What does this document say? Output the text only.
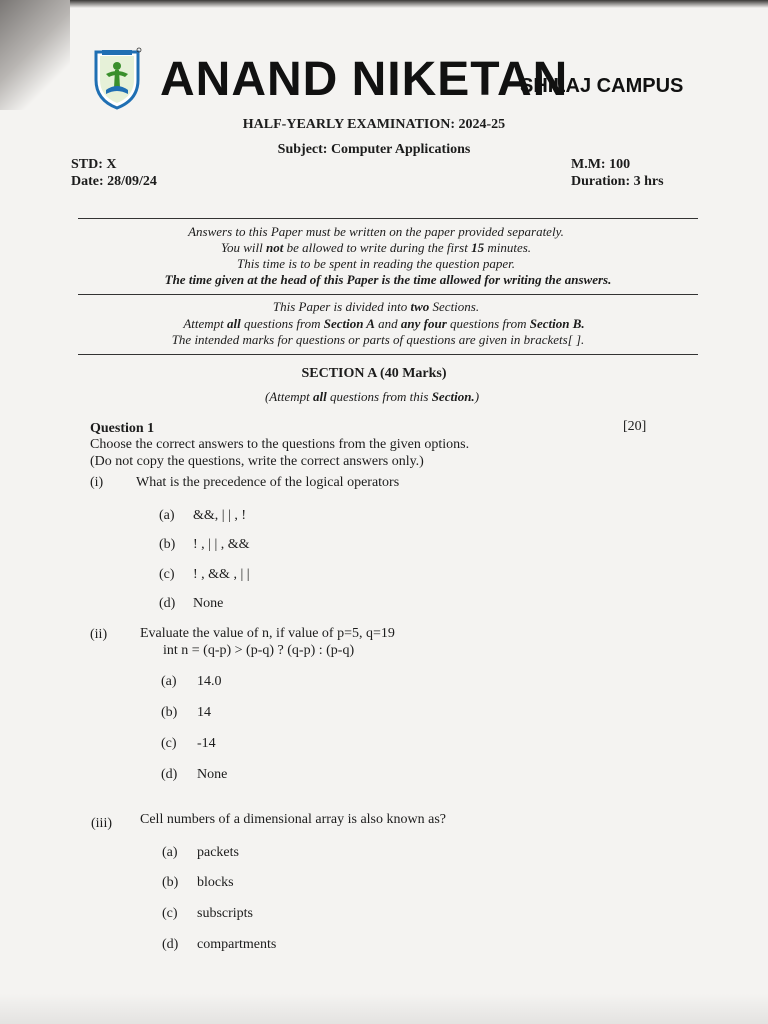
ANAND NIKETAN
SHILAJ CAMPUS
HALF-YEARLY EXAMINATION: 2024-25
Subject: Computer Applications
STD: X
Date: 28/09/24
M.M: 100
Duration: 3 hrs
Answers to this Paper must be written on the paper provided separately.
You will not be allowed to write during the first 15 minutes.
This time is to be spent in reading the question paper.
The time given at the head of this Paper is the time allowed for writing the answers.
This Paper is divided into two Sections.
Attempt all questions from Section A and any four questions from Section B.
The intended marks for questions or parts of questions are given in brackets[ ].
SECTION A (40 Marks)
(Attempt all questions from this Section.)
Question 1	[20]
Choose the correct answers to the questions from the given options.
(Do not copy the questions, write the correct answers only.)
(i) What is the precedence of the logical operators
(a) &&, | | , !
(b) ! , | | , &&
(c) ! , && , | |
(d) None
(ii) Evaluate the value of n, if value of p=5, q=19
int n = (q-p) > (p-q) ? (q-p) : (p-q)
(a) 14.0
(b) 14
(c) -14
(d) None
(iii) Cell numbers of a dimensional array is also known as?
(a) packets
(b) blocks
(c) subscripts
(d) compartments
